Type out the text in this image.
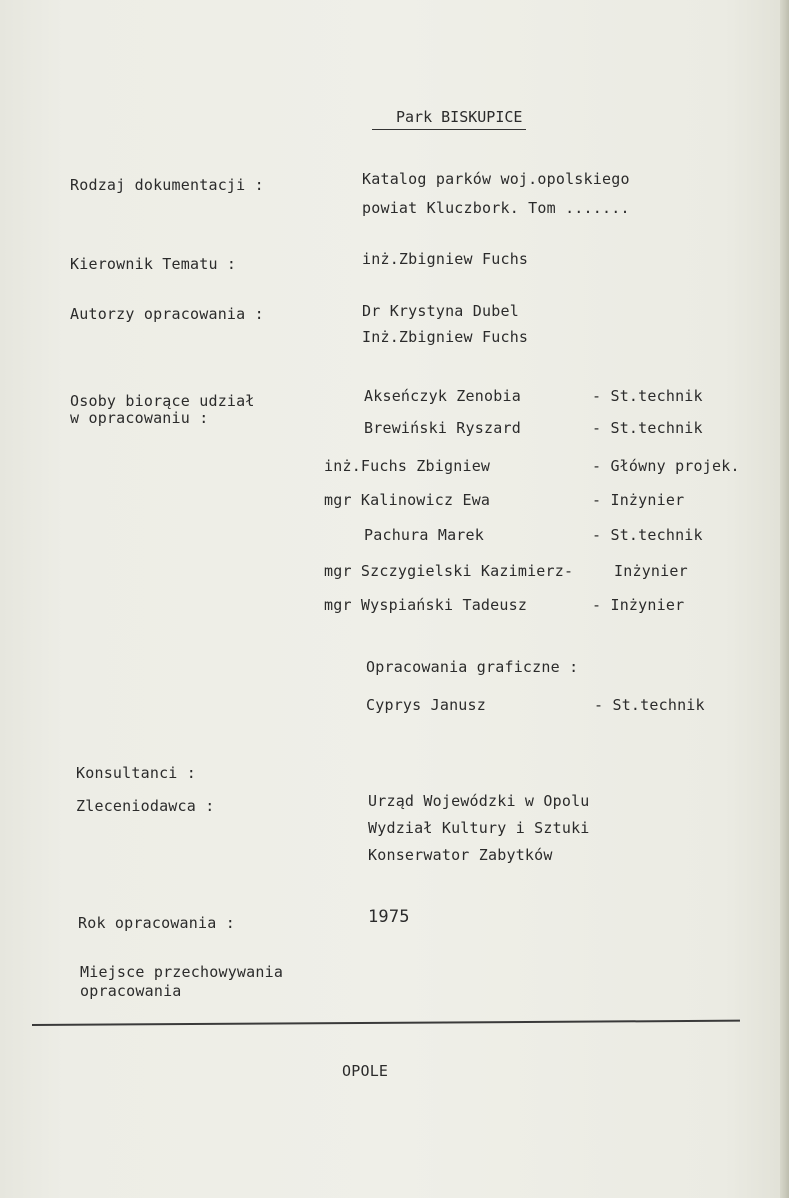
Park BISKUPICE
Rodzaj dokumentacji :	Katalog parków woj.opolskiego
powiat Kluczbork. Tom .......
Kierownik Tematu :	inż.Zbigniew Fuchs
Autorzy opracowania :	Dr Krystyna Dubel
Inż.Zbigniew Fuchs
Osoby biorące udział
w opracowaniu :
Akseńczyk Zenobia	- St.technik
Brewiński Ryszard	- St.technik
inż.Fuchs Zbigniew	- Główny projek.
mgr Kalinowicz Ewa	- Inżynier
Pachura Marek	- St.technik
mgr Szczygielski Kazimierz-	Inżynier
mgr Wyspiański Tadeusz	- Inżynier
Opracowania graficzne :
Cyprys Janusz	- St.technik
Konsultanci :
Zleceniodawca :	Urząd Wojewódzki w Opolu
Wydział Kultury i Sztuki
Konserwator Zabytków
Rok opracowania :	1975
Miejsce przechowywania
opracowania
OPOLE
